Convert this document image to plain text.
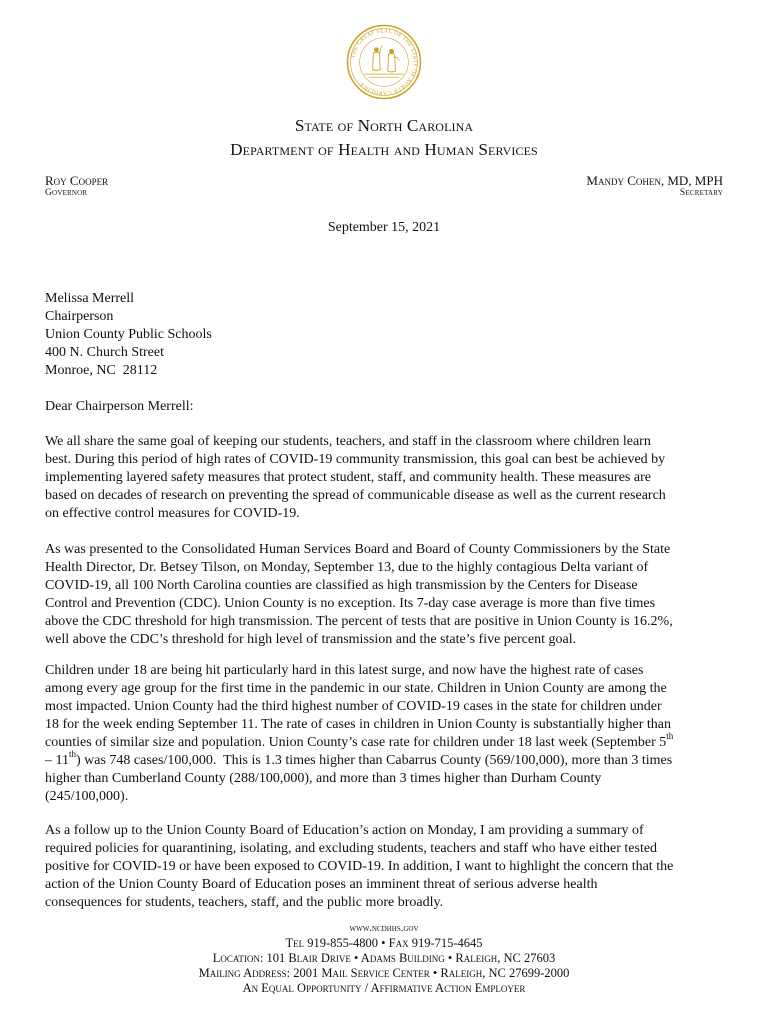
THE GREAT SEAL OF THE STATE OF NORTH CAROLINA
State of North Carolina
Department of Health and Human Services
Roy Cooper
Governor
Mandy Cohen, MD, MPH
Secretary
September 15, 2021
Melissa Merrell
Chairperson
Union County Public Schools
400 N. Church Street
Monroe, NC  28112
Dear Chairperson Merrell:
We all share the same goal of keeping our students, teachers, and staff in the classroom where children learn
best. During this period of high rates of COVID-19 community transmission, this goal can best be achieved by
implementing layered safety measures that protect student, staff, and community health. These measures are
based on decades of research on preventing the spread of communicable disease as well as the current research
on effective control measures for COVID-19.
As was presented to the Consolidated Human Services Board and Board of County Commissioners by the State
Health Director, Dr. Betsey Tilson, on Monday, September 13, due to the highly contagious Delta variant of
COVID-19, all 100 North Carolina counties are classified as high transmission by the Centers for Disease
Control and Prevention (CDC). Union County is no exception. Its 7-day case average is more than five times
above the CDC threshold for high transmission. The percent of tests that are positive in Union County is 16.2%,
well above the CDC’s threshold for high level of transmission and the state’s five percent goal.
Children under 18 are being hit particularly hard in this latest surge, and now have the highest rate of cases
among every age group for the first time in the pandemic in our state. Children in Union County are among the
most impacted. Union County had the third highest number of COVID-19 cases in the state for children under
18 for the week ending September 11. The rate of cases in children in Union County is substantially higher than
counties of similar size and population. Union County’s case rate for children under 18 last week (September 5th
– 11th) was 748 cases/100,000.  This is 1.3 times higher than Cabarrus County (569/100,000), more than 3 times
higher than Cumberland County (288/100,000), and more than 3 times higher than Durham County
(245/100,000).
As a follow up to the Union County Board of Education’s action on Monday, I am providing a summary of
required policies for quarantining, isolating, and excluding students, teachers and staff who have either tested
positive for COVID-19 or have been exposed to COVID-19. In addition, I want to highlight the concern that the
action of the Union County Board of Education poses an imminent threat of serious adverse health
consequences for students, teachers, staff, and the public more broadly.
www.ncdhhs.gov
Tel 919-855-4800 • Fax 919-715-4645
Location: 101 Blair Drive • Adams Building • Raleigh, NC 27603
Mailing Address: 2001 Mail Service Center • Raleigh, NC 27699-2000
An Equal Opportunity / Affirmative Action Employer
